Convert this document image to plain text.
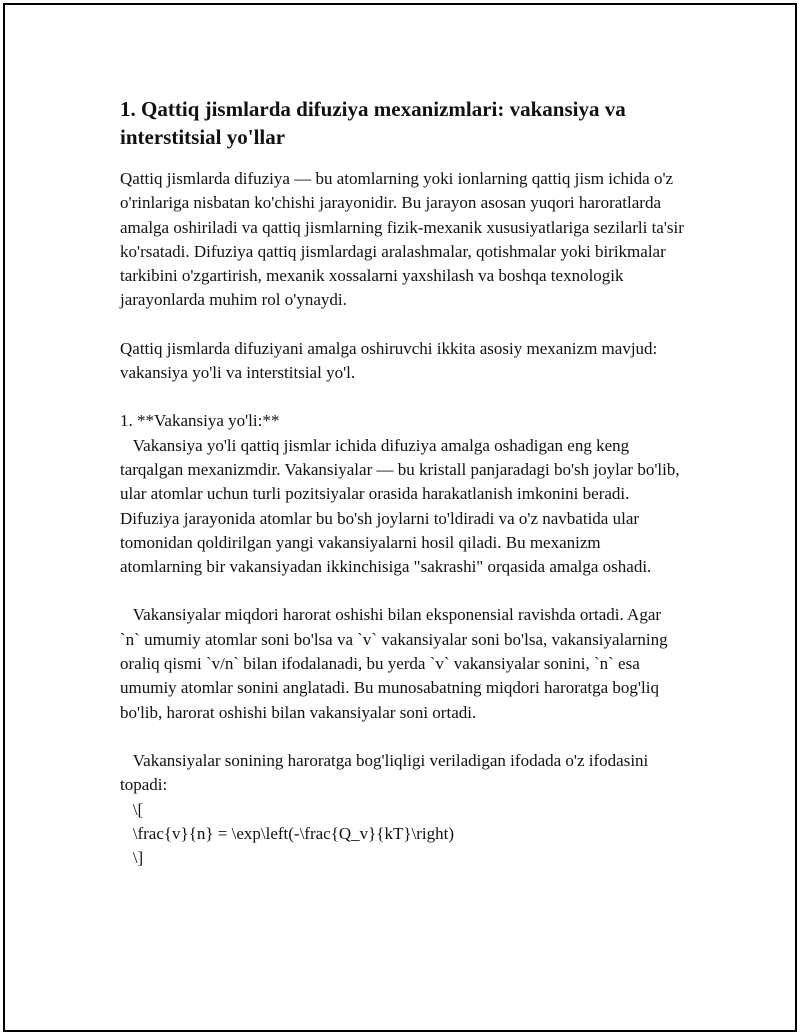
1. Qattiq jismlarda difuziya mexanizmlari: vakansiya va interstitsial yo'llar

Qattiq jismlarda difuziya — bu atomlarning yoki ionlarning qattiq jism ichida o'z o'rinlariga nisbatan ko'chishi jarayonidir. Bu jarayon asosan yuqori haroratlarda amalga oshiriladi va qattiq jismlarning fizik-mexanik xususiyatlariga sezilarli ta'sir ko'rsatadi. Difuziya qattiq jismlardagi aralashmalar, qotishmalar yoki birikmalar tarkibini o'zgartirish, mexanik xossalarni yaxshilash va boshqa texnologik jarayonlarda muhim rol o'ynaydi.

Qattiq jismlarda difuziyani amalga oshiruvchi ikkita asosiy mexanizm mavjud: vakansiya yo'li va interstitsial yo'l.

1. **Vakansiya yo'li:**
Vakansiya yo'li qattiq jismlar ichida difuziya amalga oshadigan eng keng tarqalgan mexanizmdir. Vakansiyalar — bu kristall panjaradagi bo'sh joylar bo'lib, ular atomlar uchun turli pozitsiyalar orasida harakatlanish imkonini beradi. Difuziya jarayonida atomlar bu bo'sh joylarni to'ldiradi va o'z navbatida ular tomonidan qoldirilgan yangi vakansiyalarni hosil qiladi. Bu mexanizm atomlarning bir vakansiyadan ikkinchisiga "sakrashi" orqasida amalga oshadi.

Vakansiyalar miqdori harorat oshishi bilan eksponensial ravishda ortadi. Agar `n` umumiy atomlar soni bo'lsa va `v` vakansiyalar soni bo'lsa, vakansiyalarning oraliq qismi `v/n` bilan ifodalanadi, bu yerda `v` vakansiyalar sonini, `n` esa umumiy atomlar sonini anglatadi. Bu munosabatning miqdori haroratga bog'liq bo'lib, harorat oshishi bilan vakansiyalar soni ortadi.

Vakansiyalar sonining haroratga bog'liqligi veriladigan ifodada o'z ifodasini topadi:
\[
\frac{v}{n} = \exp\left(-\frac{Q_v}{kT}\right)
\]
